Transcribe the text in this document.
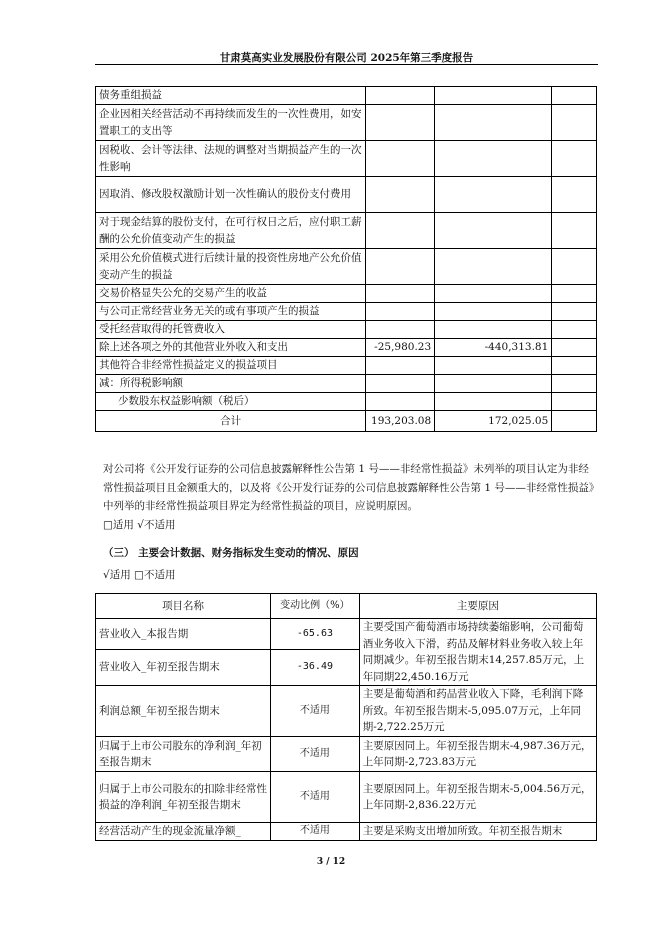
甘肃莫高实业发展股份有限公司 2025年第三季度报告
债务重组损益			
企业因相关经营活动不再持续而发生的一次性费用，如安置职工的支出等			
因税收、会计等法律、法规的调整对当期损益产生的一次性影响			
因取消、修改股权激励计划一次性确认的股份支付费用			
对于现金结算的股份支付，在可行权日之后，应付职工薪酬的公允价值变动产生的损益			
采用公允价值模式进行后续计量的投资性房地产公允价值变动产生的损益			
交易价格显失公允的交易产生的收益			
与公司正常经营业务无关的或有事项产生的损益			
受托经营取得的托管费收入			
除上述各项之外的其他营业外收入和支出	-25,980.23	-440,313.81	
其他符合非经常性损益定义的损益项目			
减：所得税影响额			
少数股东权益影响额（税后）			
合计	193,203.08	172,025.05	
对公司将《公开发行证券的公司信息披露解释性公告第 1 号——非经常性损益》未列举的项目认定为非经常性损益项目且金额重大的，以及将《公开发行证券的公司信息披露解释性公告第 1 号——非经常性损益》中列举的非经常性损益项目界定为经常性损益的项目，应说明原因。
□适用 √不适用
（三） 主要会计数据、财务指标发生变动的情况、原因
√适用 □不适用
项目名称	变动比例（%）	主要原因
营业收入_本报告期	-65.63	主要受国产葡萄酒市场持续萎缩影响，公司葡萄酒业务收入下滑，药品及解材料业务收入较上年同期减少。年初至报告期末14,257.85万元，上年同期22,450.16万元
营业收入_年初至报告期末	-36.49	
利润总额_年初至报告期末	不适用	主要是葡萄酒和药品营业收入下降，毛利润下降所致。年初至报告期末-5,095.07万元，上年同期-2,722.25万元
归属于上市公司股东的净利润_年初至报告期末	不适用	主要原因同上。年初至报告期末-4,987.36万元，上年同期-2,723.83万元
归属于上市公司股东的扣除非经常性损益的净利润_年初至报告期末	不适用	主要原因同上。年初至报告期末-5,004.56万元，上年同期-2,836.22万元
经营活动产生的现金流量净额_	不适用	主要是采购支出增加所致。年初至报告期末
3 / 12
